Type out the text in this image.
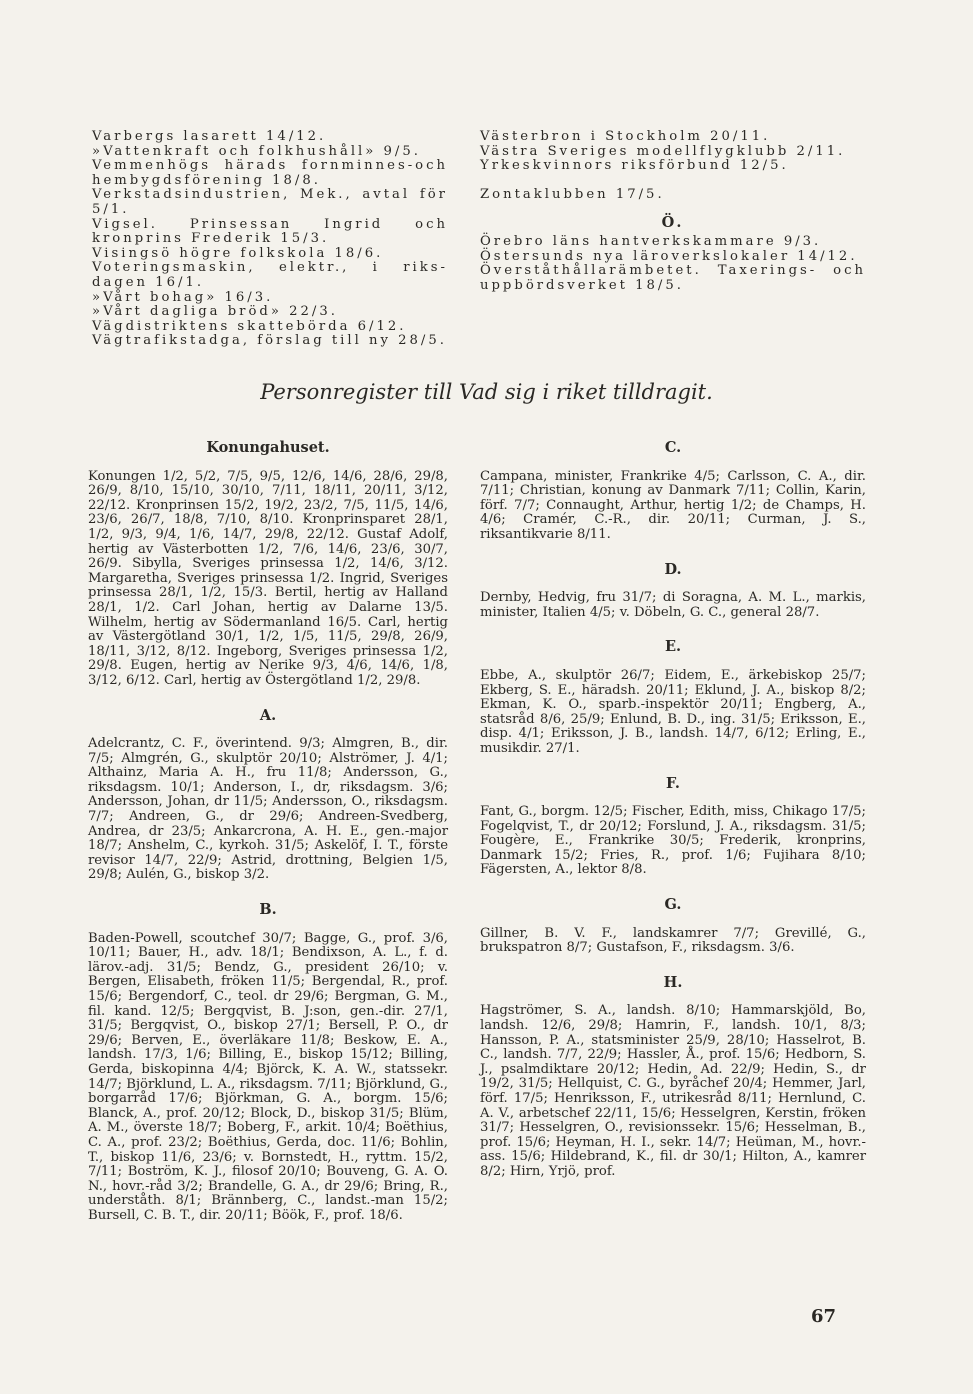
Varbergs lasarett 14/12.

»Vattenkraft och folkhushåll» 9/5.

Vemmenhögs härads fornminnes-och hembygdsförening 18/8.

Verkstadsindustrien, Mek., avtal för 5/1.

Vigsel. Prinsessan Ingrid och kronprins Frederik 15/3.

Visingsö högre folkskola 18/6.

Voteringsmaskin, elektr., i riks-dagen 16/1.

»Vårt bohag» 16/3.

»Vårt dagliga bröd» 22/3.

Vägdistriktens skattebörda 6/12.

Vägtrafikstadga, förslag till ny 28/5.

Västerbron i Stockholm 20/11.

Västra Sveriges modellflygklubb 2/11.

Yrkeskvinnors riksförbund 12/5.

Zontaklubben 17/5.

Ö.

Örebro läns hantverkskammare 9/3.

Östersunds nya läroverkslokaler 14/12.

Överståthållarämbetet. Taxerings- och uppbördsverket 18/5.

Personregister till Vad sig i riket tilldragit.

Konungahuset.

Konungen 1/2, 5/2, 7/5, 9/5, 12/6, 14/6, 28/6, 29/8, 26/9, 8/10, 15/10, 30/10, 7/11, 18/11, 20/11, 3/12, 22/12. Kronprinsen 15/2, 19/2, 23/2, 7/5, 11/5, 14/6, 23/6, 26/7, 18/8, 7/10, 8/10. Kronprinsparet 28/1, 1/2, 9/3, 9/4, 1/6, 14/7, 29/8, 22/12. Gustaf Adolf, hertig av Västerbotten 1/2, 7/6, 14/6, 23/6, 30/7, 26/9. Sibylla, Sveriges prinsessa 1/2, 14/6, 3/12. Margaretha, Sveriges prinsessa 1/2. Ingrid, Sveriges prinsessa 28/1, 1/2, 15/3. Bertil, hertig av Halland 28/1, 1/2. Carl Johan, hertig av Dalarne 13/5. Wilhelm, hertig av Södermanland 16/5. Carl, hertig av Västergötland 30/1, 1/2, 1/5, 11/5, 29/8, 26/9, 18/11, 3/12, 8/12. Ingeborg, Sveriges prinsessa 1/2, 29/8. Eugen, hertig av Nerike 9/3, 4/6, 14/6, 1/8, 3/12, 6/12. Carl, hertig av Östergötland 1/2, 29/8.

A.

Adelcrantz, C. F., överintend. 9/3; Almgren, B., dir. 7/5; Almgrén, G., skulptör 20/10; Alströmer, J. 4/1; Althainz, Maria A. H., fru 11/8; Andersson, G., riksdagsm. 10/1; Anderson, I., dr, riksdagsm. 3/6; Andersson, Johan, dr 11/5; Andersson, O., riksdagsm. 7/7; Andreen, G., dr 29/6; Andreen-Svedberg, Andrea, dr 23/5; Ankarcrona, A. H. E., gen.-major 18/7; Anshelm, C., kyrkoh. 31/5; Askelöf, I. T., förste revisor 14/7, 22/9; Astrid, drottning, Belgien 1/5, 29/8; Aulén, G., biskop 3/2.

B.

Baden-Powell, scoutchef 30/7; Bagge, G., prof. 3/6, 10/11; Bauer, H., adv. 18/1; Bendixson, A. L., f. d. lärov.-adj. 31/5; Bendz, G., president 26/10; v. Bergen, Elisabeth, fröken 11/5; Bergendal, R., prof. 15/6; Bergendorf, C., teol. dr 29/6; Bergman, G. M., fil. kand. 12/5; Bergqvist, B. J:son, gen.-dir. 27/1, 31/5; Bergqvist, O., biskop 27/1; Bersell, P. O., dr 29/6; Berven, E., överläkare 11/8; Beskow, E. A., landsh. 17/3, 1/6; Billing, E., biskop 15/12; Billing, Gerda, biskopinna 4/4; Björck, K. A. W., statssekr. 14/7; Björklund, L. A., riksdagsm. 7/11; Björklund, G., borgarråd 17/6; Björkman, G. A., borgm. 15/6; Blanck, A., prof. 20/12; Block, D., biskop 31/5; Blüm, A. M., överste 18/7; Boberg, F., arkit. 10/4; Boëthius, C. A., prof. 23/2; Boëthius, Gerda, doc. 11/6; Bohlin, T., biskop 11/6, 23/6; v. Bornstedt, H., ryttm. 15/2, 7/11; Boström, K. J., filosof 20/10; Bouveng, G. A. O. N., hovr.-råd 3/2; Brandelle, G. A., dr 29/6; Bring, R., underståth. 8/1; Brännberg, C., landst.-man 15/2; Bursell, C. B. T., dir. 20/11; Böök, F., prof. 18/6.

C.

Campana, minister, Frankrike 4/5; Carlsson, C. A., dir. 7/11; Christian, konung av Danmark 7/11; Collin, Karin, förf. 7/7; Connaught, Arthur, hertig 1/2; de Champs, H. 4/6; Cramér, C.-R., dir. 20/11; Curman, J. S., riksantikvarie 8/11.

D.

Dernby, Hedvig, fru 31/7; di Soragna, A. M. L., markis, minister, Italien 4/5; v. Döbeln, G. C., general 28/7.

E.

Ebbe, A., skulptör 26/7; Eidem, E., ärkebiskop 25/7; Ekberg, S. E., häradsh. 20/11; Eklund, J. A., biskop 8/2; Ekman, K. O., sparb.-inspektör 20/11; Engberg, A., statsråd 8/6, 25/9; Enlund, B. D., ing. 31/5; Eriksson, E., disp. 4/1; Eriksson, J. B., landsh. 14/7, 6/12; Erling, E., musikdir. 27/1.

F.

Fant, G., borgm. 12/5; Fischer, Edith, miss, Chikago 17/5; Fogelqvist, T., dr 20/12; Forslund, J. A., riksdagsm. 31/5; Fougère, E., Frankrike 30/5; Frederik, kronprins, Danmark 15/2; Fries, R., prof. 1/6; Fujihara 8/10; Fägersten, A., lektor 8/8.

G.

Gillner, B. V. F., landskamrer 7/7; Grevillé, G., brukspatron 8/7; Gustafson, F., riksdagsm. 3/6.

H.

Hagströmer, S. A., landsh. 8/10; Hammarskjöld, Bo, landsh. 12/6, 29/8; Hamrin, F., landsh. 10/1, 8/3; Hansson, P. A., statsminister 25/9, 28/10; Hasselrot, B. C., landsh. 7/7, 22/9; Hassler, Å., prof. 15/6; Hedborn, S. J., psalmdiktare 20/12; Hedin, Ad. 22/9; Hedin, S., dr 19/2, 31/5; Hellquist, C. G., byråchef 20/4; Hemmer, Jarl, förf. 17/5; Henriksson, F., utrikesråd 8/11; Hernlund, C. A. V., arbetschef 22/11, 15/6; Hesselgren, Kerstin, fröken 31/7; Hesselgren, O., revisionssekr. 15/6; Hesselman, B., prof. 15/6; Heyman, H. I., sekr. 14/7; Heüman, M., hovr.-ass. 15/6; Hildebrand, K., fil. dr 30/1; Hilton, A., kamrer 8/2; Hirn, Yrjö, prof.

67
